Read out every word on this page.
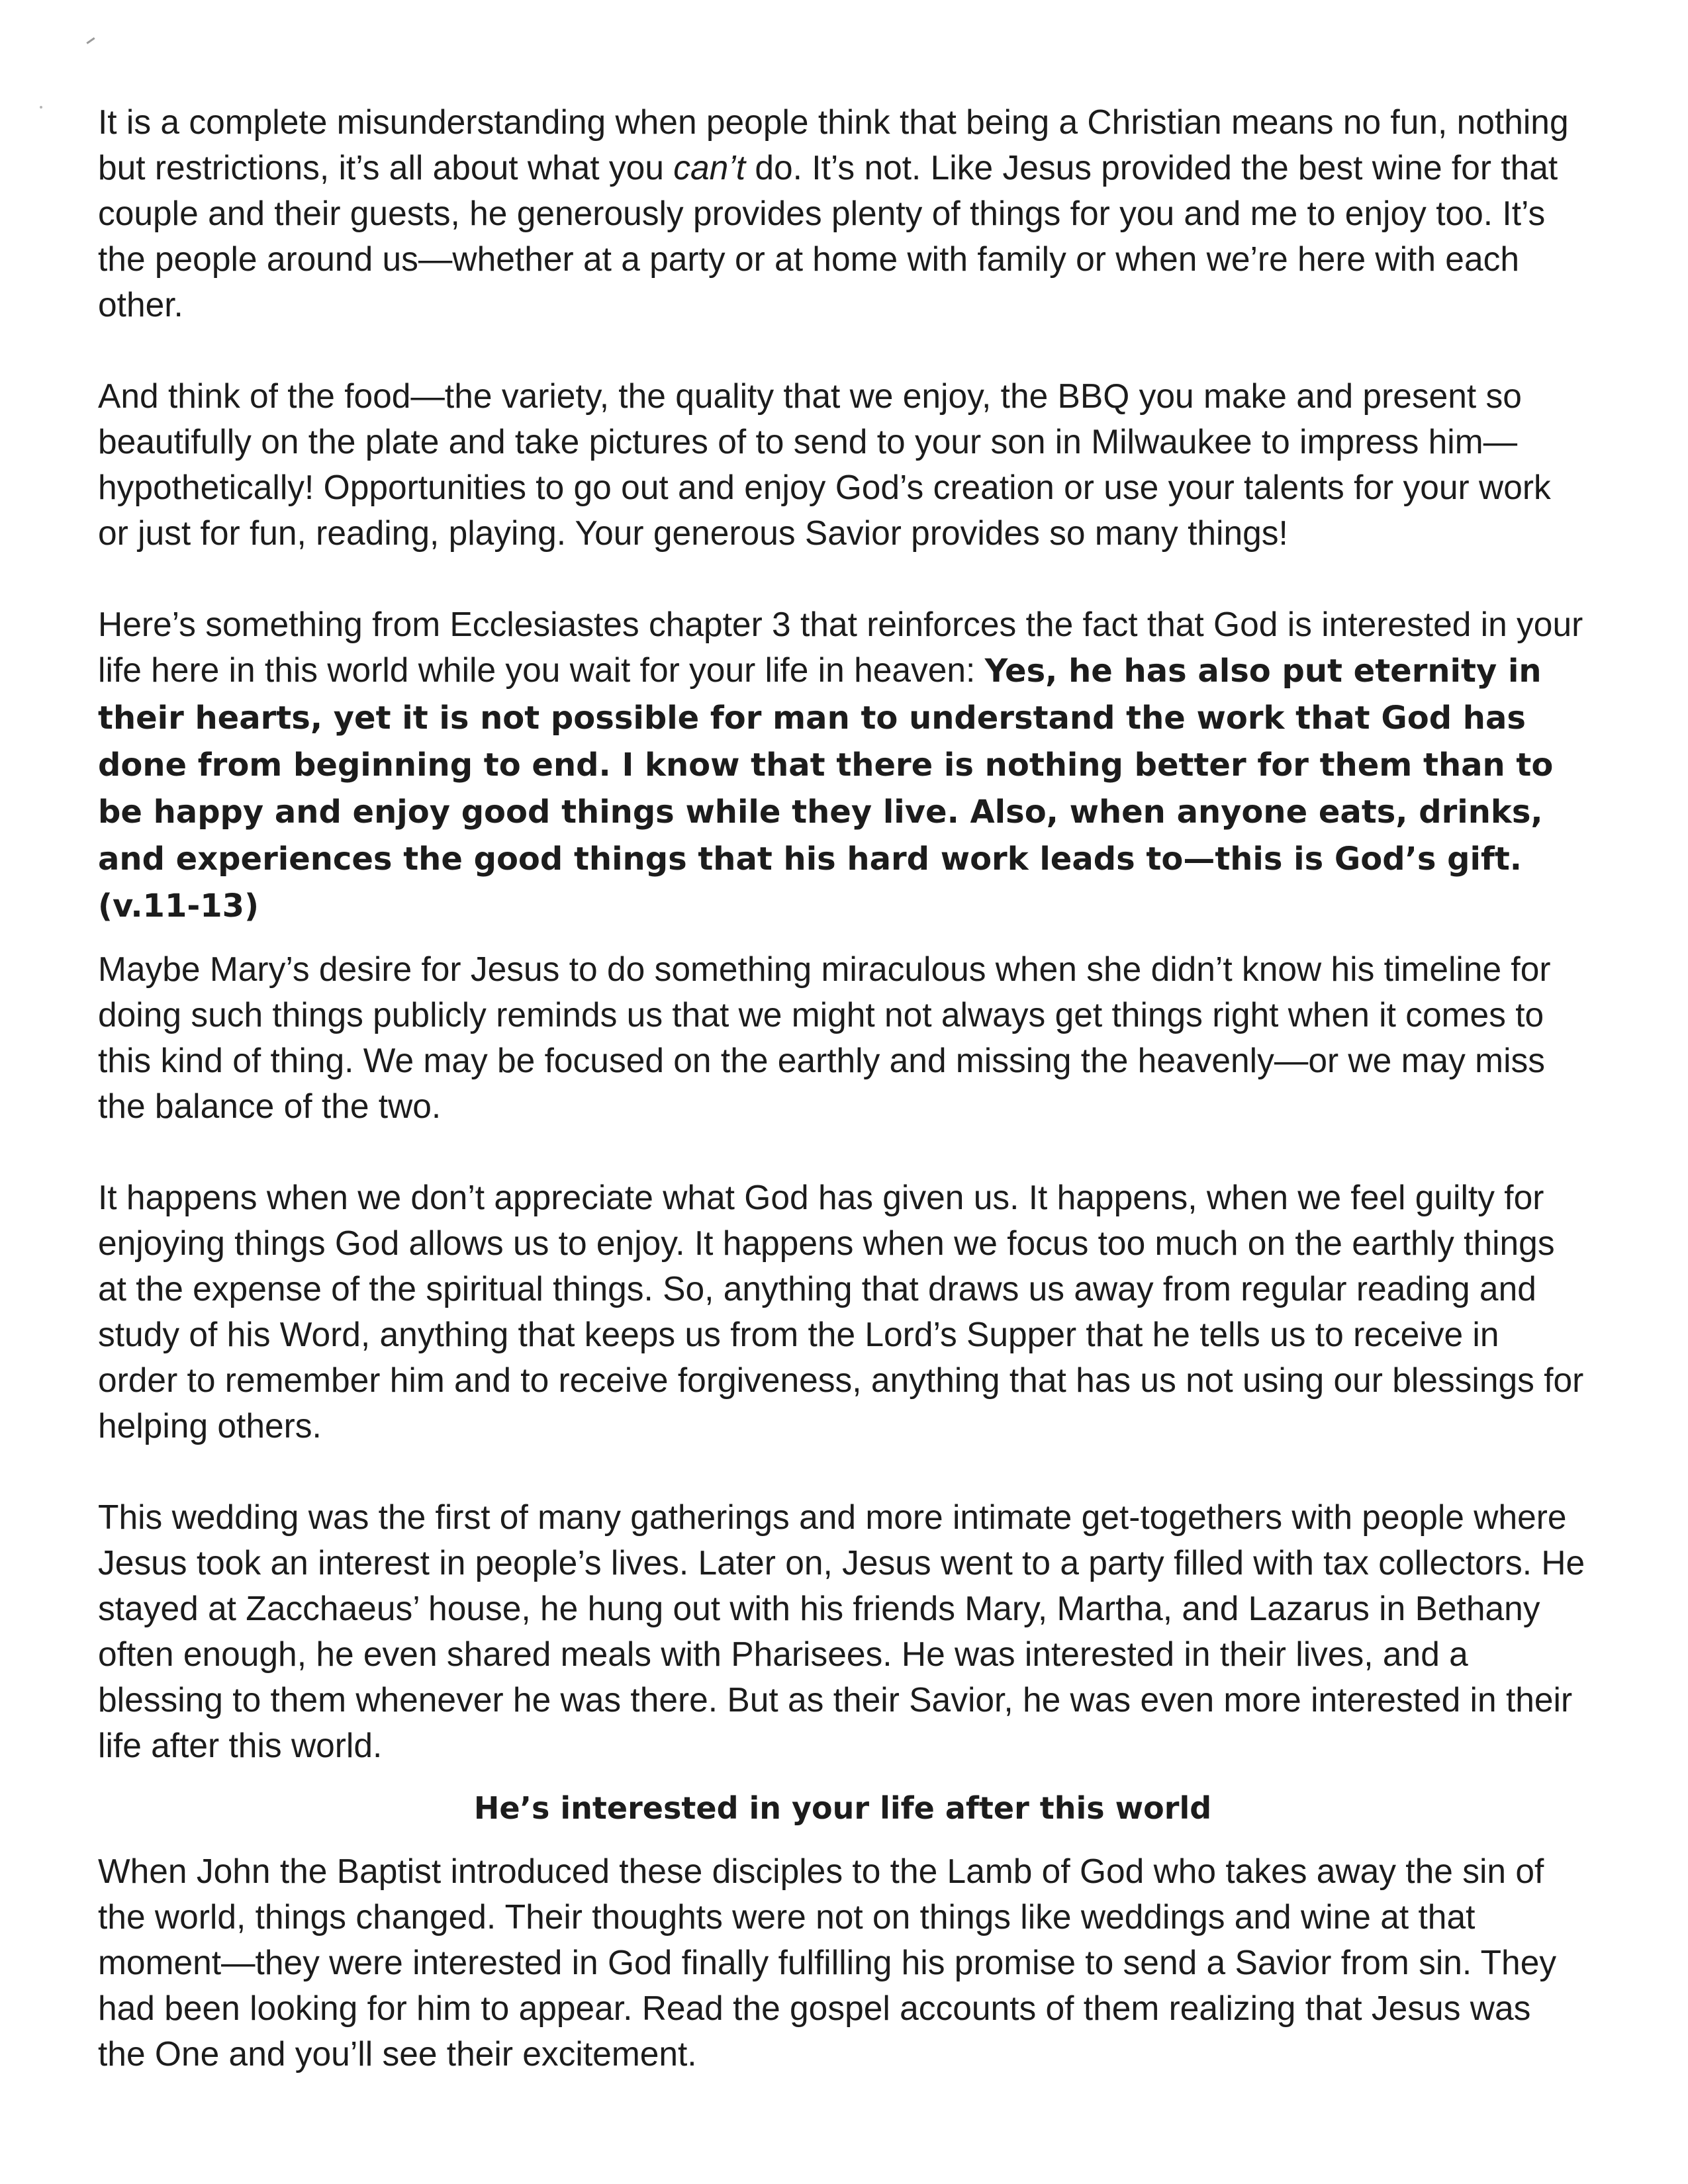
It is a complete misunderstanding when people think that being a Christian means no fun, nothing but restrictions, it’s all about what you can’t do. It’s not. Like Jesus provided the best wine for that couple and their guests, he generously provides plenty of things for you and me to enjoy too. It’s the people around us—whether at a party or at home with family or when we’re here with each other.

And think of the food—the variety, the quality that we enjoy, the BBQ you make and present so beautifully on the plate and take pictures of to send to your son in Milwaukee to impress him—hypothetically! Opportunities to go out and enjoy God’s creation or use your talents for your work or just for fun, reading, playing. Your generous Savior provides so many things!

Here’s something from Ecclesiastes chapter 3 that reinforces the fact that God is interested in your life here in this world while you wait for your life in heaven: Yes, he has also put eternity in their hearts, yet it is not possible for man to understand the work that God has done from beginning to end. I know that there is nothing better for them than to be happy and enjoy good things while they live. Also, when anyone eats, drinks, and experiences the good things that his hard work leads to—this is God’s gift. (v.11-13)

Maybe Mary’s desire for Jesus to do something miraculous when she didn’t know his timeline for doing such things publicly reminds us that we might not always get things right when it comes to this kind of thing. We may be focused on the earthly and missing the heavenly—or we may miss the balance of the two.

It happens when we don’t appreciate what God has given us. It happens, when we feel guilty for enjoying things God allows us to enjoy. It happens when we focus too much on the earthly things at the expense of the spiritual things. So, anything that draws us away from regular reading and study of his Word, anything that keeps us from the Lord’s Supper that he tells us to receive in order to remember him and to receive forgiveness, anything that has us not using our blessings for helping others.

This wedding was the first of many gatherings and more intimate get-togethers with people where Jesus took an interest in people’s lives. Later on, Jesus went to a party filled with tax collectors. He stayed at Zacchaeus’ house, he hung out with his friends Mary, Martha, and Lazarus in Bethany often enough, he even shared meals with Pharisees. He was interested in their lives, and a blessing to them whenever he was there. But as their Savior, he was even more interested in their life after this world.

He’s interested in your life after this world

When John the Baptist introduced these disciples to the Lamb of God who takes away the sin of the world, things changed. Their thoughts were not on things like weddings and wine at that moment—they were interested in God finally fulfilling his promise to send a Savior from sin. They had been looking for him to appear. Read the gospel accounts of them realizing that Jesus was the One and you’ll see their excitement.
